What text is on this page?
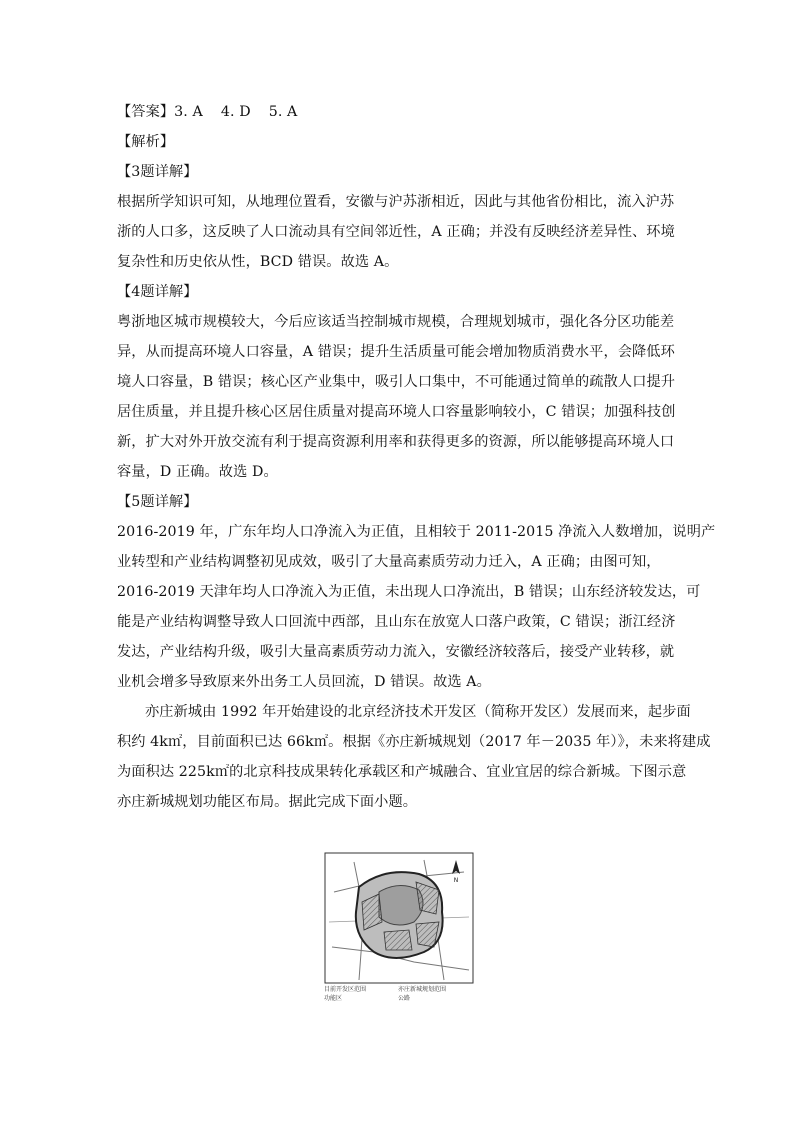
【答案】3. A 4. D 5. A
【解析】
【3题详解】
根据所学知识可知，从地理位置看，安徽与沪苏浙相近，因此与其他省份相比，流入沪苏
浙的人口多，这反映了人口流动具有空间邻近性，A 正确；并没有反映经济差异性、环境
复杂性和历史依从性，BCD 错误。故选 A。
【4题详解】
粤浙地区城市规模较大，今后应该适当控制城市规模，合理规划城市，强化各分区功能差
异，从而提高环境人口容量，A 错误；提升生活质量可能会增加物质消费水平，会降低环
境人口容量，B 错误；核心区产业集中，吸引人口集中，不可能通过简单的疏散人口提升
居住质量，并且提升核心区居住质量对提高环境人口容量影响较小，C 错误；加强科技创
新，扩大对外开放交流有利于提高资源利用率和获得更多的资源，所以能够提高环境人口
容量，D 正确。故选 D。
【5题详解】
2016-2019 年，广东年均人口净流入为正值，且相较于 2011-2015 净流入人数增加，说明产
业转型和产业结构调整初见成效，吸引了大量高素质劳动力迁入，A 正确；由图可知，
2016-2019 天津年均人口净流入为正值，未出现人口净流出，B 错误；山东经济较发达，可
能是产业结构调整导致人口回流中西部，且山东在放宽人口落户政策，C 错误；浙江经济
发达，产业结构升级，吸引大量高素质劳动力流入，安徽经济较落后，接受产业转移，就
业机会增多导致原来外出务工人员回流，D 错误。故选 A。
亦庄新城由 1992 年开始建设的北京经济技术开发区（简称开发区）发展而来，起步面
积约 4k㎡，目前面积已达 66k㎡。根据《亦庄新城规划（2017 年－2035 年）》，未来将建成
为面积达 225k㎡的北京科技成果转化承载区和产城融合、宜业宜居的综合新城。下图示意
亦庄新城规划功能区布局。据此完成下面小题。
N
目前开发区范围	亦庄新城规划范围
功能区	公路
